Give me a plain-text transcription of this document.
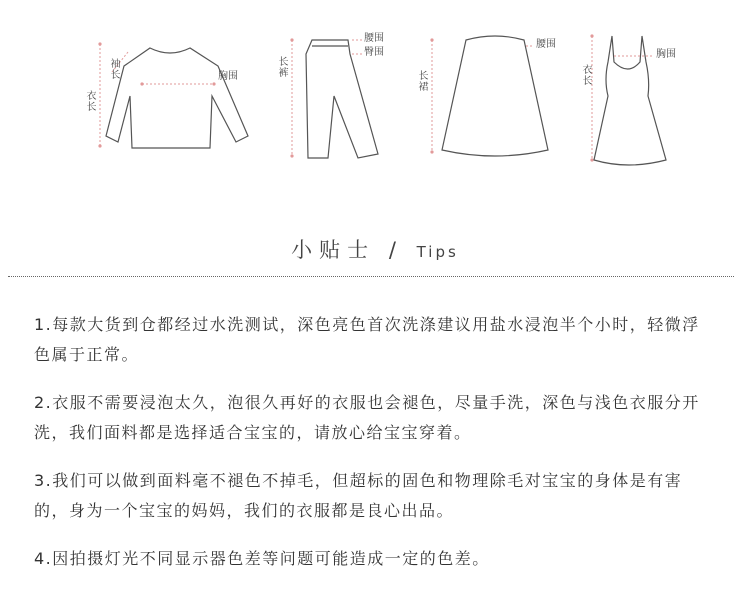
衣长
袖长	胸围	长裤
腰围
臀围
长裙
腰围
衣长
胸围
小贴士 / Tips
1.每款大货到仓都经过水洗测试，深色亮色首次洗涤建议用盐水浸泡半个小时，轻微浮色属于正常。
2.衣服不需要浸泡太久，泡很久再好的衣服也会褪色，尽量手洗，深色与浅色衣服分开洗，我们面料都是选择适合宝宝的，请放心给宝宝穿着。
3.我们可以做到面料毫不褪色不掉毛，但超标的固色和物理除毛对宝宝的身体是有害的，身为一个宝宝的妈妈，我们的衣服都是良心出品。
4.因拍摄灯光不同显示器色差等问题可能造成一定的色差。
